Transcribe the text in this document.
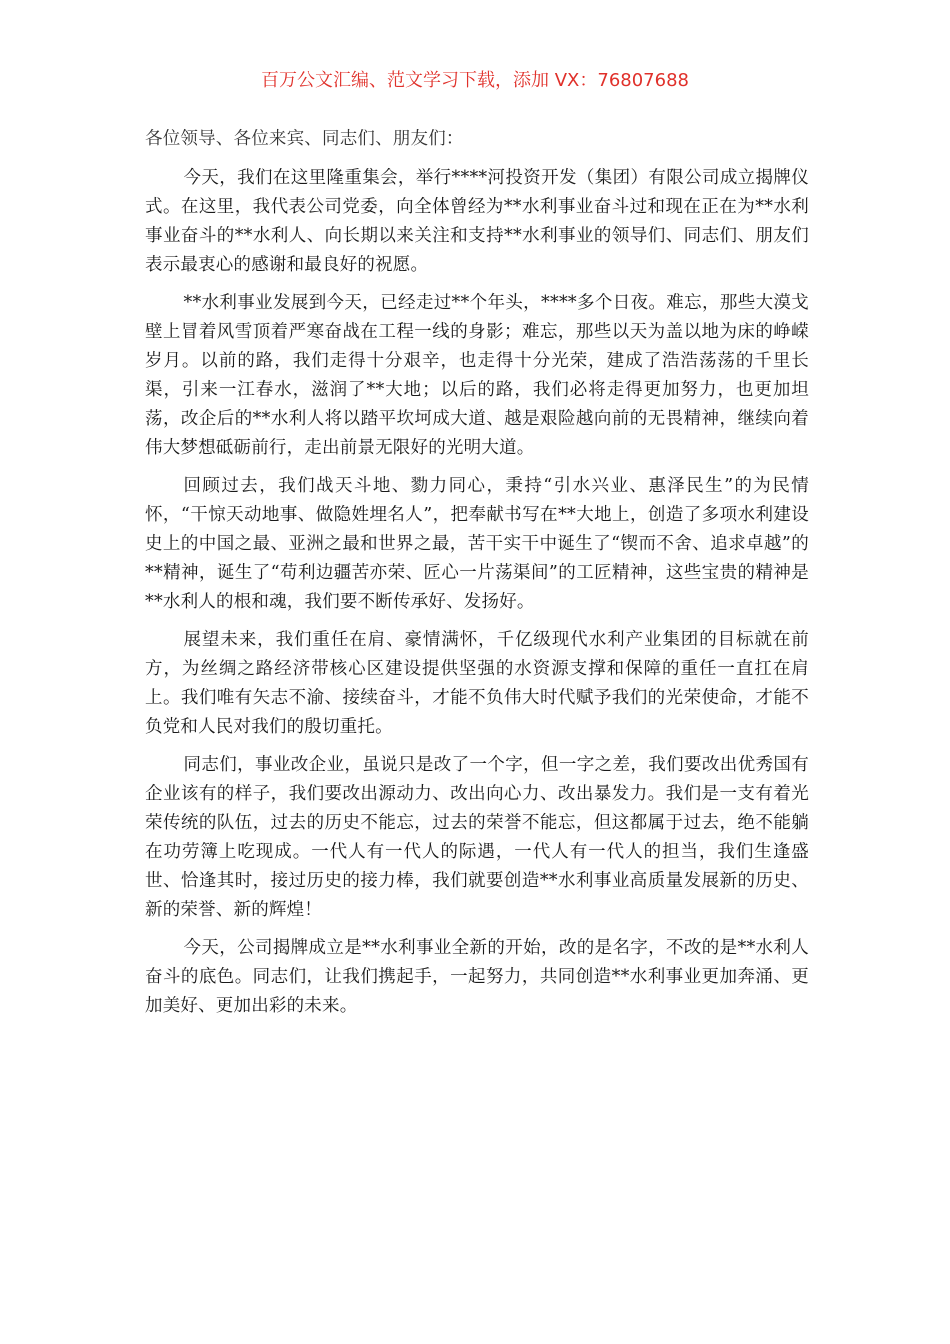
百万公文汇编、范文学习下载，添加 VX：76807688

各位领导、各位来宾、同志们、朋友们：

今天，我们在这里隆重集会，举行****河投资开发（集团）有限公司成立揭牌仪式。在这里，我代表公司党委，向全体曾经为**水利事业奋斗过和现在正在为**水利事业奋斗的**水利人、向长期以来关注和支持**水利事业的领导们、同志们、朋友们表示最衷心的感谢和最良好的祝愿。

**水利事业发展到今天，已经走过**个年头，****多个日夜。难忘，那些大漠戈壁上冒着风雪顶着严寒奋战在工程一线的身影；难忘，那些以天为盖以地为床的峥嵘岁月。以前的路，我们走得十分艰辛，也走得十分光荣，建成了浩浩荡荡的千里长渠，引来一江春水，滋润了**大地；以后的路，我们必将走得更加努力，也更加坦荡，改企后的**水利人将以踏平坎坷成大道、越是艰险越向前的无畏精神，继续向着伟大梦想砥砺前行，走出前景无限好的光明大道。

回顾过去，我们战天斗地、勠力同心，秉持“引水兴业、惠泽民生”的为民情怀，“干惊天动地事、做隐姓埋名人”，把奉献书写在**大地上，创造了多项水利建设史上的中国之最、亚洲之最和世界之最，苦干实干中诞生了“锲而不舍、追求卓越”的**精神，诞生了“苟利边疆苦亦荣、匠心一片荡渠间”的工匠精神，这些宝贵的精神是**水利人的根和魂，我们要不断传承好、发扬好。

展望未来，我们重任在肩、豪情满怀，千亿级现代水利产业集团的目标就在前方，为丝绸之路经济带核心区建设提供坚强的水资源支撑和保障的重任一直扛在肩上。我们唯有矢志不渝、接续奋斗，才能不负伟大时代赋予我们的光荣使命，才能不负党和人民对我们的殷切重托。

同志们，事业改企业，虽说只是改了一个字，但一字之差，我们要改出优秀国有企业该有的样子，我们要改出源动力、改出向心力、改出暴发力。我们是一支有着光荣传统的队伍，过去的历史不能忘，过去的荣誉不能忘，但这都属于过去，绝不能躺在功劳簿上吃现成。一代人有一代人的际遇，一代人有一代人的担当，我们生逢盛世、恰逢其时，接过历史的接力棒，我们就要创造**水利事业高质量发展新的历史、新的荣誉、新的辉煌！

今天，公司揭牌成立是**水利事业全新的开始，改的是名字，不改的是**水利人奋斗的底色。同志们，让我们携起手，一起努力，共同创造**水利事业更加奔涌、更加美好、更加出彩的未来。
